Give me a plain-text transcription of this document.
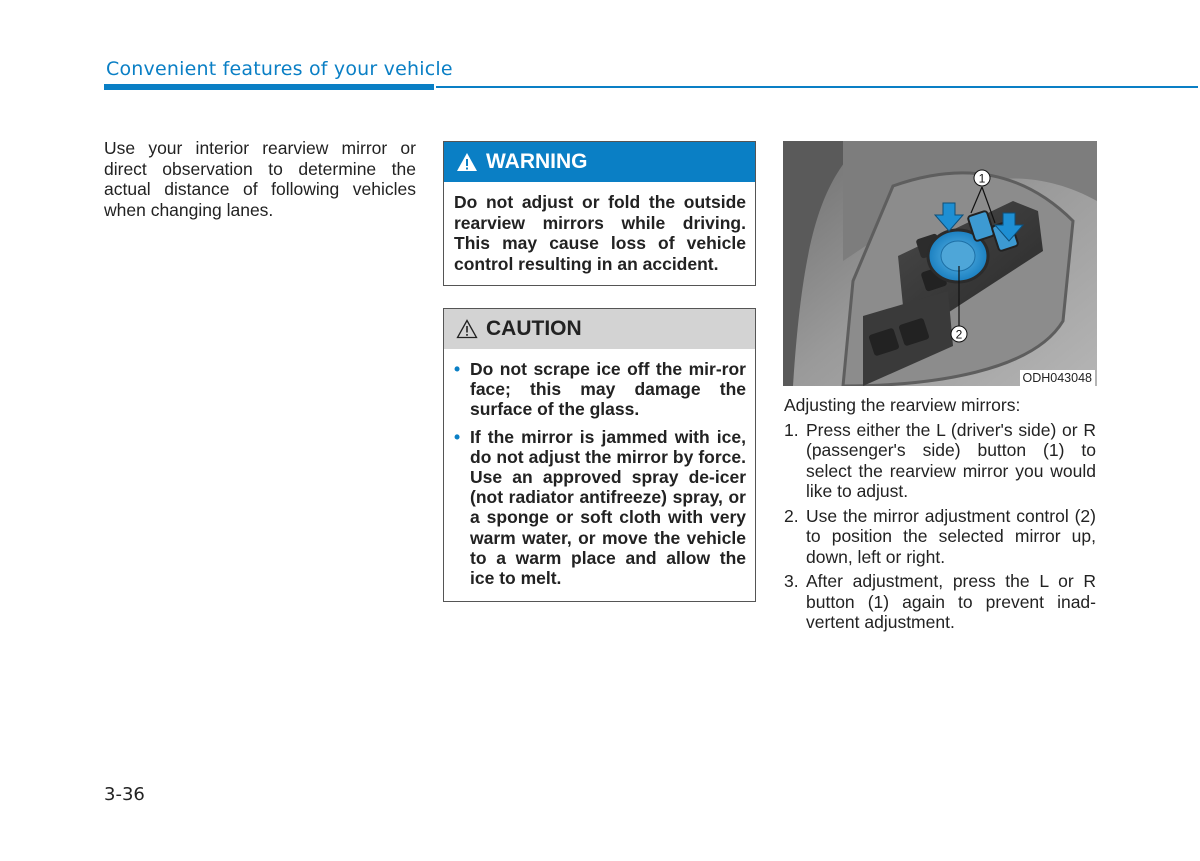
Convenient features of your vehicle
Use your interior rearview mirror or direct observation to determine the actual distance of following vehicles when changing lanes.
WARNING
Do not adjust or fold the outside rearview mirrors while driving. This may cause loss of vehicle control resulting in an accident.
CAUTION
• Do not scrape ice off the mir-ror face; this may damage the surface of the glass.
• If the mirror is jammed with ice, do not adjust the mirror by force. Use an approved spray de-icer (not radiator antifreeze) spray, or a sponge or soft cloth with very warm water, or move the vehicle to a warm place and allow the ice to melt.
1
2
ODH043048
Adjusting the rearview mirrors:
1. Press either the L (driver's side) or R (passenger's side) button (1) to select the rearview mirror you would like to adjust.
2. Use the mirror adjustment control (2) to position the selected mirror up, down, left or right.
3. After adjustment, press the L or R button (1) again to prevent inad-vertent adjustment.
3-36
